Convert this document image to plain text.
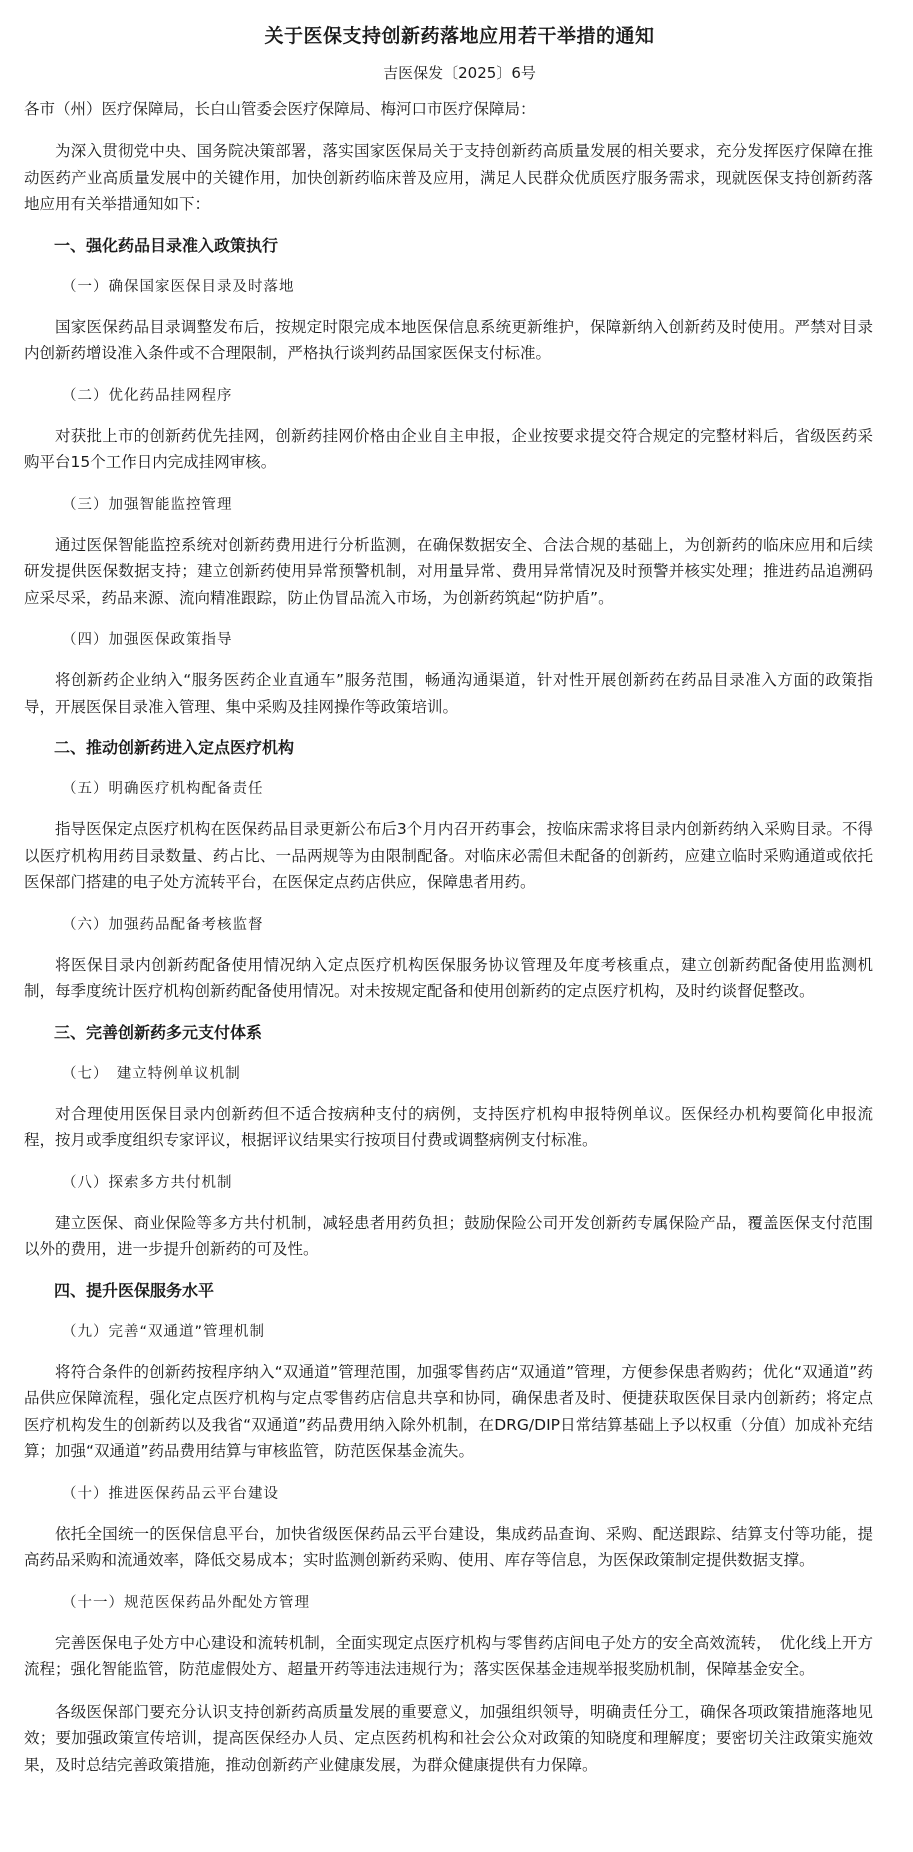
关于医保支持创新药落地应用若干举措的通知
吉医保发〔2025〕6号
各市（州）医疗保障局，长白山管委会医疗保障局、梅河口市医疗保障局：

为深入贯彻党中央、国务院决策部署，落实国家医保局关于支持创新药高质量发展的相关要求，充分发挥医疗保障在推动医药产业高质量发展中的关键作用，加快创新药临床普及应用，满足人民群众优质医疗服务需求，现就医保支持创新药落地应用有关举措通知如下：

一、强化药品目录准入政策执行
（一）确保国家医保目录及时落地

国家医保药品目录调整发布后，按规定时限完成本地医保信息系统更新维护，保障新纳入创新药及时使用。严禁对目录内创新药增设准入条件或不合理限制，严格执行谈判药品国家医保支付标准。

（二）优化药品挂网程序

对获批上市的创新药优先挂网，创新药挂网价格由企业自主申报，企业按要求提交符合规定的完整材料后，省级医药采购平台15个工作日内完成挂网审核。

（三）加强智能监控管理

通过医保智能监控系统对创新药费用进行分析监测，在确保数据安全、合法合规的基础上，为创新药的临床应用和后续研发提供医保数据支持；建立创新药使用异常预警机制，对用量异常、费用异常情况及时预警并核实处理；推进药品追溯码应采尽采，药品来源、流向精准跟踪，防止伪冒品流入市场，为创新药筑起“防护盾”。

（四）加强医保政策指导

将创新药企业纳入“服务医药企业直通车”服务范围，畅通沟通渠道，针对性开展创新药在药品目录准入方面的政策指导，开展医保目录准入管理、集中采购及挂网操作等政策培训。

二、推动创新药进入定点医疗机构
（五）明确医疗机构配备责任

指导医保定点医疗机构在医保药品目录更新公布后3个月内召开药事会，按临床需求将目录内创新药纳入采购目录。不得以医疗机构用药目录数量、药占比、一品两规等为由限制配备。对临床必需但未配备的创新药，应建立临时采购通道或依托医保部门搭建的电子处方流转平台，在医保定点药店供应，保障患者用药。

（六）加强药品配备考核监督

将医保目录内创新药配备使用情况纳入定点医疗机构医保服务协议管理及年度考核重点，建立创新药配备使用监测机制，每季度统计医疗机构创新药配备使用情况。对未按规定配备和使用创新药的定点医疗机构，及时约谈督促整改。

三、完善创新药多元支付体系
（七）　建立特例单议机制

对合理使用医保目录内创新药但不适合按病种支付的病例，支持医疗机构申报特例单议。医保经办机构要简化申报流程，按月或季度组织专家评议，根据评议结果实行按项目付费或调整病例支付标准。

（八）探索多方共付机制

建立医保、商业保险等多方共付机制，减轻患者用药负担；鼓励保险公司开发创新药专属保险产品，覆盖医保支付范围以外的费用，进一步提升创新药的可及性。

四、提升医保服务水平
（九）完善“双通道”管理机制

将符合条件的创新药按程序纳入“双通道”管理范围，加强零售药店“双通道”管理，方便参保患者购药；优化“双通道”药品供应保障流程，强化定点医疗机构与定点零售药店信息共享和协同，确保患者及时、便捷获取医保目录内创新药；将定点医疗机构发生的创新药以及我省“双通道”药品费用纳入除外机制，在DRG/DIP日常结算基础上予以权重（分值）加成补充结算；加强“双通道”药品费用结算与审核监管，防范医保基金流失。

（十）推进医保药品云平台建设

依托全国统一的医保信息平台，加快省级医保药品云平台建设，集成药品查询、采购、配送跟踪、结算支付等功能，提高药品采购和流通效率，降低交易成本；实时监测创新药采购、使用、库存等信息，为医保政策制定提供数据支撑。

（十一）规范医保药品外配处方管理

完善医保电子处方中心建设和流转机制，全面实现定点医疗机构与零售药店间电子处方的安全高效流转，　优化线上开方流程；强化智能监管，防范虚假处方、超量开药等违法违规行为；落实医保基金违规举报奖励机制，保障基金安全。

各级医保部门要充分认识支持创新药高质量发展的重要意义，加强组织领导，明确责任分工，确保各项政策措施落地见效；要加强政策宣传培训，提高医保经办人员、定点医药机构和社会公众对政策的知晓度和理解度；要密切关注政策实施效果，及时总结完善政策措施，推动创新药产业健康发展，为群众健康提供有力保障。
